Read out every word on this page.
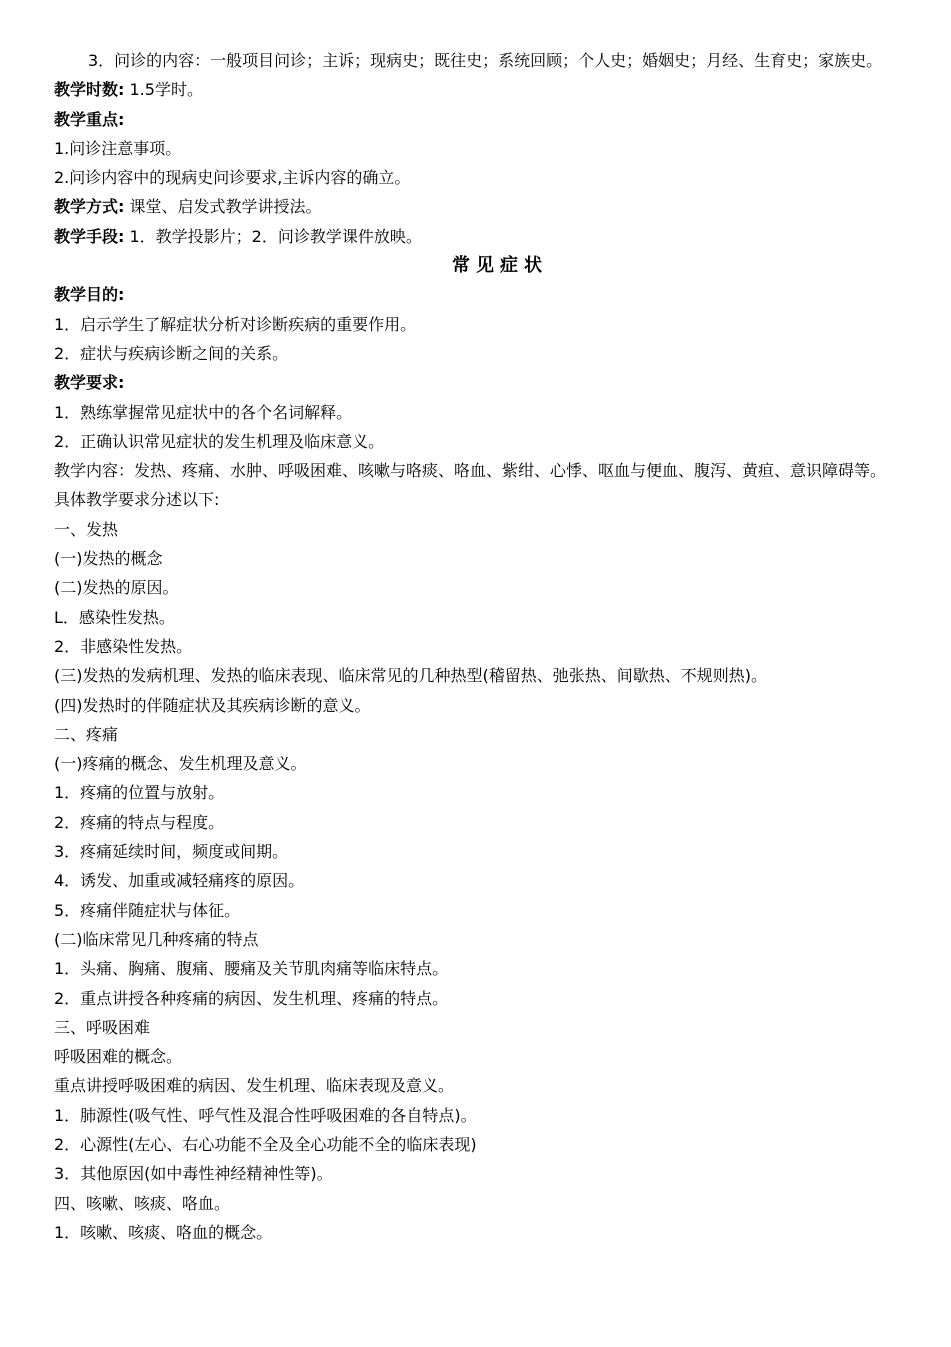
3．问诊的内容：一般项目问诊；主诉；现病史；既往史；系统回顾；个人史；婚姻史；月经、生育史；家族史。

教学时数: 1.5学时。

教学重点:

1.问诊注意事项。

2.问诊内容中的现病史问诊要求,主诉内容的确立。

教学方式: 课堂、启发式教学讲授法。

教学手段: 1．教学投影片；2．问诊教学课件放映。

常见症状

教学目的:

1．启示学生了解症状分析对诊断疾病的重要作用。

2．症状与疾病诊断之间的关系。

教学要求:

1．熟练掌握常见症状中的各个名词解释。

2．正确认识常见症状的发生机理及临床意义。

教学内容：发热、疼痛、水肿、呼吸困难、咳嗽与咯痰、咯血、紫绀、心悸、呕血与便血、腹泻、黄疸、意识障碍等。

具体教学要求分述以下:

一、发热

(一)发热的概念

(二)发热的原因。

L．感染性发热。

2．非感染性发热。

(三)发热的发病机理、发热的临床表现、临床常见的几种热型(稽留热、弛张热、间歇热、不规则热)。

(四)发热时的伴随症状及其疾病诊断的意义。

二、疼痛

(一)疼痛的概念、发生机理及意义。

1．疼痛的位置与放射。

2．疼痛的特点与程度。

3．疼痛延续时间，频度或间期。

4．诱发、加重或减轻痛疼的原因。

5．疼痛伴随症状与体征。

(二)临床常见几种疼痛的特点

1．头痛、胸痛、腹痛、腰痛及关节肌肉痛等临床特点。

2．重点讲授各种疼痛的病因、发生机理、疼痛的特点。

三、呼吸困难

呼吸困难的概念。

重点讲授呼吸困难的病因、发生机理、临床表现及意义。

1．肺源性(吸气性、呼气性及混合性呼吸困难的各自特点)。

2．心源性(左心、右心功能不全及全心功能不全的临床表现)

3．其他原因(如中毒性神经精神性等)。

四、咳嗽、咳痰、咯血。

1．咳嗽、咳痰、咯血的概念。
